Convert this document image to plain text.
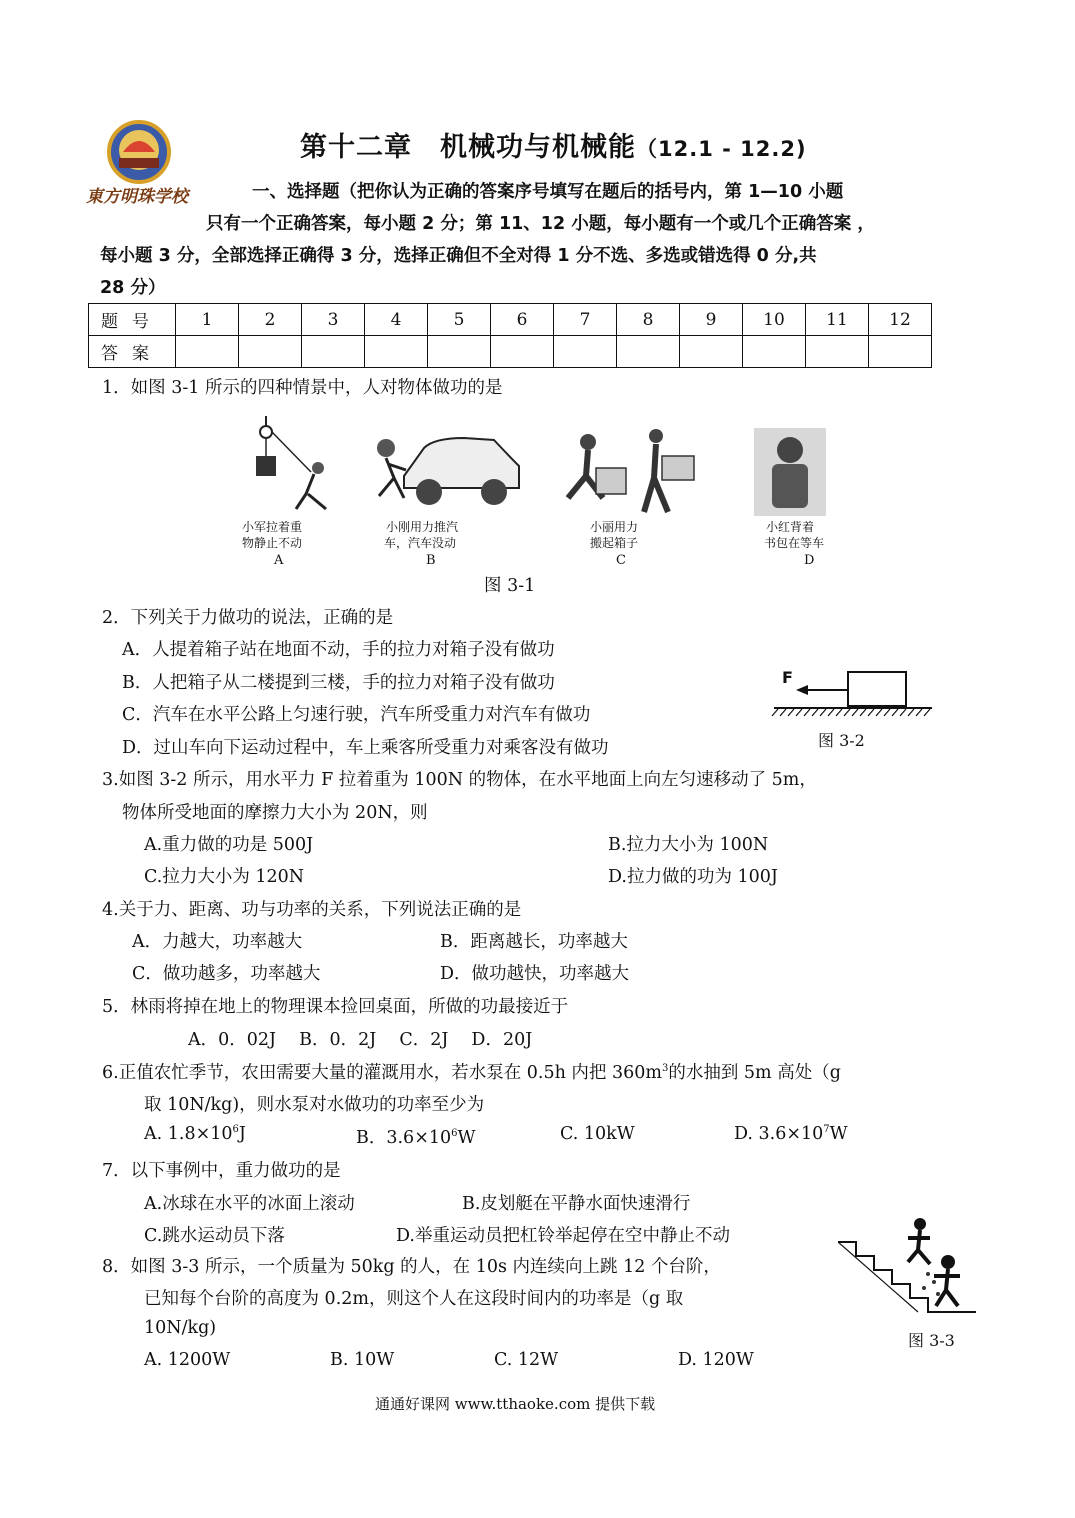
東方明珠学校
第十二章　机械功与机械能（12.1 - 12.2)
一、选择题（把你认为正确的答案序号填写在题后的括号内，第 1—10 小题
只有一个正确答案，每小题 2 分；第 11、12 小题，每小题有一个或几个正确答案 ，
每小题 3 分，全部选择正确得 3 分，选择正确但不全对得 1 分不选、多选或错选得 0 分,共
28 分）
题号	1	2	3	4	5	6	7	8	9	10	11	12
答案												
1．如图 3-1 所示的四种情景中，人对物体做功的是
小军拉着重
物静止不动
A
小刚用力推汽
车，汽车没动
B
小丽用力
搬起箱子
C
小红背着
书包在等车
D
图 3-1
2．下列关于力做功的说法，正确的是
A．人提着箱子站在地面不动，手的拉力对箱子没有做功
B．人把箱子从二楼提到三楼，手的拉力对箱子没有做功
C．汽车在水平公路上匀速行驶，汽车所受重力对汽车有做功
D．过山车向下运动过程中，车上乘客所受重力对乘客没有做功
F
图 3-2
3.如图 3-2 所示，用水平力 F 拉着重为 100N 的物体，在水平地面上向左匀速移动了 5m，
物体所受地面的摩擦力大小为 20N，则
A.重力做的功是 500J	B.拉力大小为 100N
C.拉力大小为 120N	D.拉力做的功为 100J
4.关于力、距离、功与功率的关系，下列说法正确的是
A．力越大，功率越大	B．距离越长，功率越大
C．做功越多，功率越大	D．做功越快，功率越大
5．林雨将掉在地上的物理课本捡回桌面，所做的功最接近于
A．0．02J　 B．0．2J　 C．2J　 D．20J
6.正值农忙季节，农田需要大量的灌溉用水，若水泵在 0.5h 内把 $360m^3$的水抽到 5m 高处（g
取 10N/kg)，则水泵对水做功的功率至少为
A. $1.8\times 10^6J$	B．$3.6\times 10^6W$	C. 10kW	D. $3.6\times 10^7W$
7．以下事例中，重力做功的是
A.冰球在水平的冰面上滚动	B.皮划艇在平静水面快速滑行
C.跳水运动员下落	D.举重运动员把杠铃举起停在空中静止不动
8．如图 3-3 所示，一个质量为 50kg 的人，在 10s 内连续向上跳 12 个台阶，
已知每个台阶的高度为 0.2m，则这个人在这段时间内的功率是（g 取
10N/kg)
A. 1200W	B. 10W	C. 12W	D. 120W
图 3-3
通通好课网 www.tthaoke.com 提供下载
